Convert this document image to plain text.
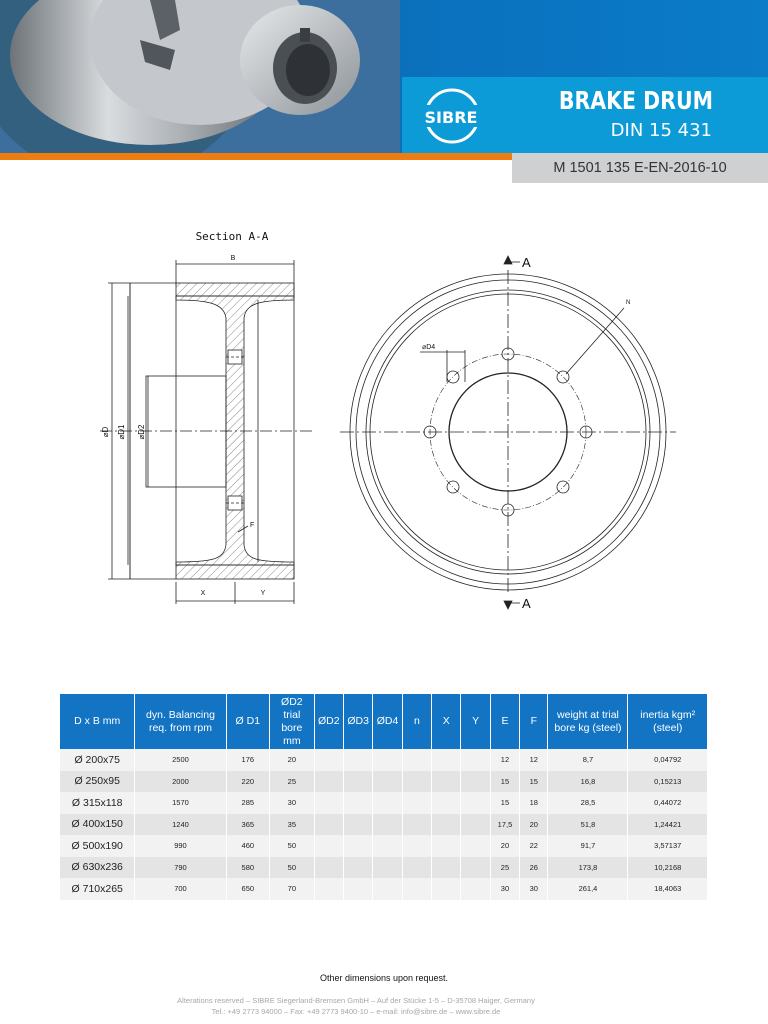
SIBRE
BRAKE DRUM
DIN 15 431
M 1501 135 E-EN-2016-10
Section A-A
B
⌀D ⌀D1 ⌀D2
X	Y
F
A
A
⌀D4
N
D x B mm	dyn. Balancing req. from rpm	Ø D1	ØD2 trial bore mm	ØD2	ØD3	ØD4	n	X	Y	E	F	weight at trial bore kg (steel)	inertia kgm² (steel)
Ø 200x75	2500	176	20							12	12	8,7	0,04792
Ø 250x95	2000	220	25							15	15	16,8	0,15213
Ø 315x118	1570	285	30							15	18	28,5	0,44072
Ø 400x150	1240	365	35							17,5	20	51,8	1,24421
Ø 500x190	990	460	50							20	22	91,7	3,57137
Ø 630x236	790	580	50							25	26	173,8	10,2168
Ø 710x265	700	650	70							30	30	261,4	18,4063
Other dimensions upon request.
Alterations reserved – SIBRE Siegerland-Bremsen GmbH – Auf der Stücke 1-5 – D-35708 Haiger, Germany
Tel.: +49 2773 94000 – Fax: +49 2773 9400-10 – e-mail: info@sibre.de – www.sibre.de
